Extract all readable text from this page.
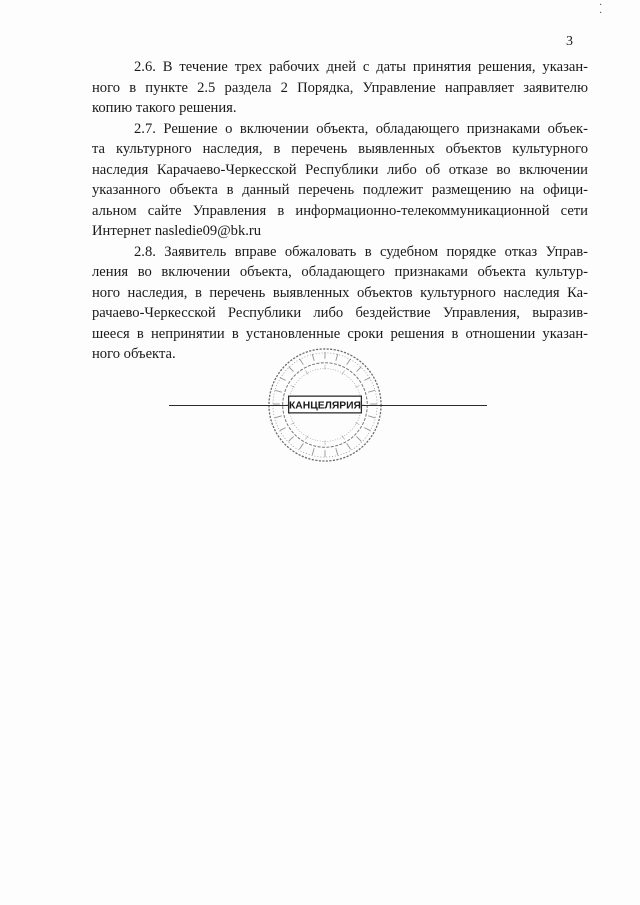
·
·
3

2.6. В течение трех рабочих дней с даты принятия решения, указан-
ного в пункте 2.5 раздела 2 Порядка, Управление направляет заявителю
копию такого решения.

2.7. Решение о включении объекта, обладающего признаками объек-
та культурного наследия, в перечень выявленных объектов культурного
наследия Карачаево-Черкесской Республики либо об отказе во включении
указанного объекта в данный перечень подлежит размещению на офици-
альном сайте Управления в информационно-телекоммуникационной сети
Интернет nasledie09@bk.ru

2.8. Заявитель вправе обжаловать в судебном порядке отказ Управ-
ления во включении объекта, обладающего признаками объекта культур-
ного наследия, в перечень выявленных объектов культурного наследия Ка-
рачаево-Черкесской Республики либо бездействие Управления, выразив-
шееся в непринятии в установленные сроки решения в отношении указан-
ного объекта.

КАНЦЕЛЯРИЯ
